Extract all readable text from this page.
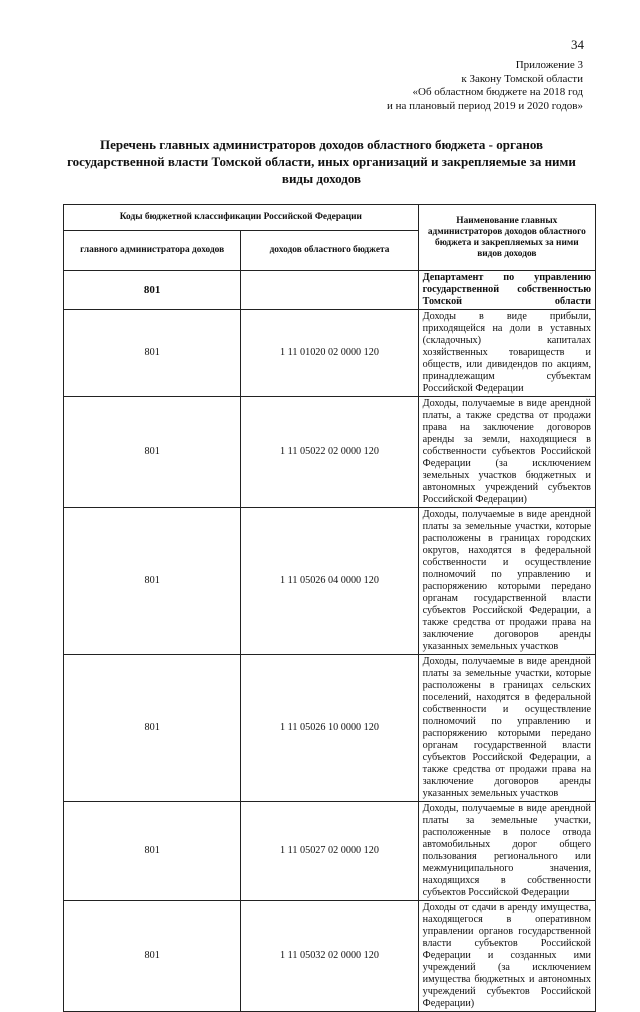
34
Приложение 3
к Закону Томской области
«Об областном бюджете на 2018 год
и на плановый период 2019 и 2020 годов»
Перечень главных администраторов доходов областного бюджета - органов государственной власти Томской области, иных организаций и закрепляемые за ними виды доходов
Коды бюджетной классификации Российской Федерации		Наименование главных администраторов доходов областного бюджета и закрепляемых за ними видов доходов
главного администратора доходов	доходов областного бюджета	
801		Департамент по управлению государственной собственностью Томской области
801	1 11 01020 02 0000 120	Доходы в виде прибыли, приходящейся на доли в уставных (складочных) капиталах хозяйственных товариществ и обществ, или дивидендов по акциям, принадлежащим субъектам Российской Федерации
801	1 11 05022 02 0000 120	Доходы, получаемые в виде арендной платы, а также средства от продажи права на заключение договоров аренды за земли, находящиеся в собственности субъектов Российской Федерации (за исключением земельных участков бюджетных и автономных учреждений субъектов Российской Федерации)
801	1 11 05026 04 0000 120	Доходы, получаемые в виде арендной платы за земельные участки, которые расположены в границах городских округов, находятся в федеральной собственности и осуществление полномочий по управлению и распоряжению которыми передано органам государственной власти субъектов Российской Федерации, а также средства от продажи права на заключение договоров аренды указанных земельных участков
801	1 11 05026 10 0000 120	Доходы, получаемые в виде арендной платы за земельные участки, которые расположены в границах сельских поселений, находятся в федеральной собственности и осуществление полномочий по управлению и распоряжению которыми передано органам государственной власти субъектов Российской Федерации, а также средства от продажи права на заключение договоров аренды указанных земельных участков
801	1 11 05027 02 0000 120	Доходы, получаемые в виде арендной платы за земельные участки, расположенные в полосе отвода автомобильных дорог общего пользования регионального или межмуниципального значения, находящихся в собственности субъектов Российской Федерации
801	1 11 05032 02 0000 120	Доходы от сдачи в аренду имущества, находящегося в оперативном управлении органов государственной власти субъектов Российской Федерации и созданных ими учреждений (за исключением имущества бюджетных и автономных учреждений субъектов Российской Федерации)
